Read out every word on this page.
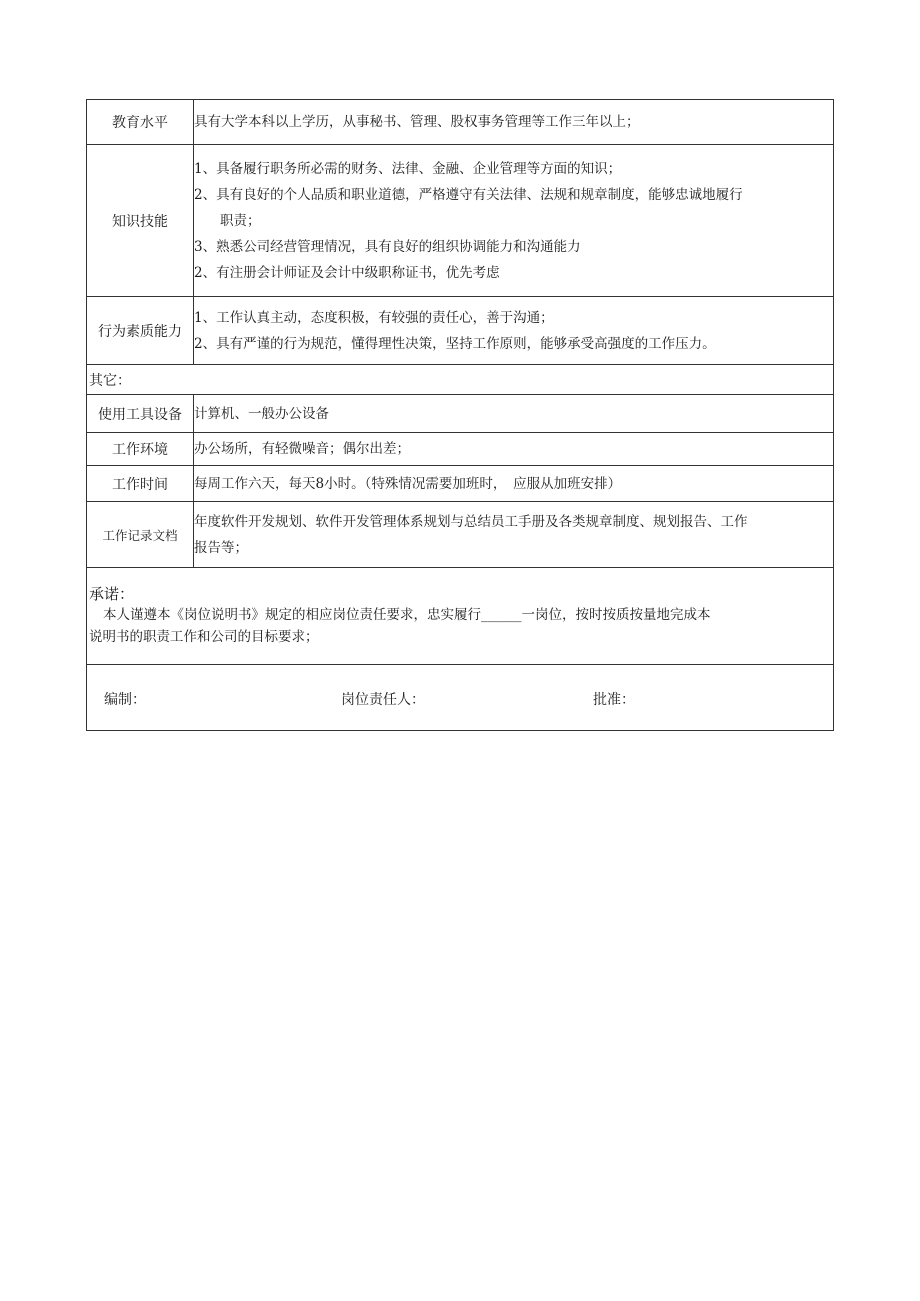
教育水平	具有大学本科以上学历，从事秘书、管理、股权事务管理等工作三年以上；

知识技能	1、具备履行职务所必需的财务、法律、金融、企业管理等方面的知识；
2、具有良好的个人品质和职业道德，严格遵守有关法律、法规和规章制度，能够忠诚地履行
职责；
3、熟悉公司经营管理情况，具有良好的组织协调能力和沟通能力
2、有注册会计师证及会计中级职称证书，优先考虑

行为素质能力	1、工作认真主动，态度积极，有较强的责任心，善于沟通；
2、具有严谨的行为规范，懂得理性决策，坚持工作原则，能够承受高强度的工作压力。

其它：	
使用工具设备	计算机、一般办公设备
工作环境	办公场所，有轻微噪音；偶尔出差；
工作时间	每周工作六天，每天8小时。（特殊情况需要加班时，　应服从加班安排）

工作记录文档	年度软件开发规划、软件开发管理体系规划与总结员工手册及各类规章制度、规划报告、工作
报告等；

承诺：
本人谨遵本《岗位说明书》规定的相应岗位责任要求，忠实履行______一岗位，按时按质按量地完成本
说明书的职责工作和公司的目标要求；	

编制： 岗位责任人： 批准：	
